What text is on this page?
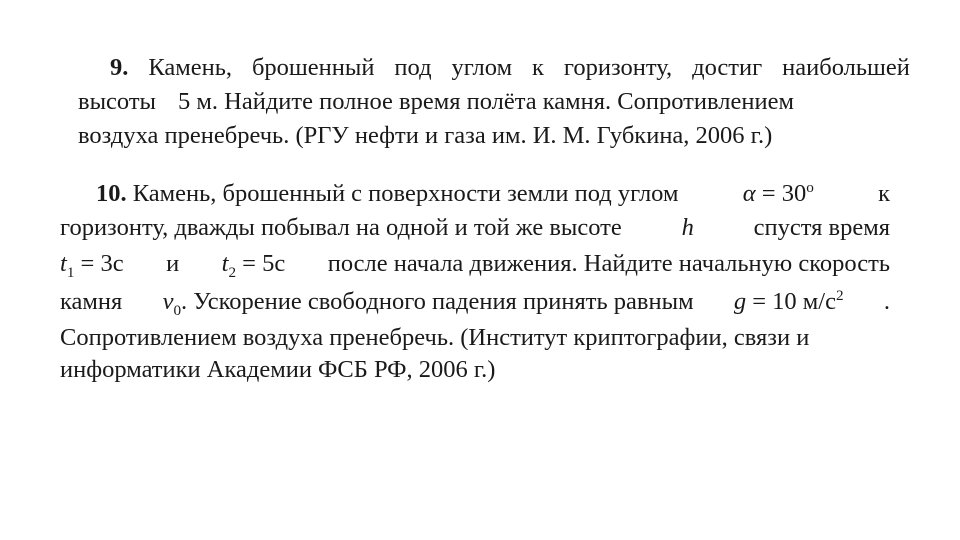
9. Камень, брошенный под углом к горизонту, достиг наибольшей
высоты 5 м. Найдите полное время полёта камня. Сопротивлением
воздуха пренебречь. (РГУ нефти и газа им. И. М. Губкина, 2006 г.)
10. Камень, брошенный с поверхности земли под углом	$\alpha = 30^o$	к
горизонту, дважды побывал на одной и той же высоте h спустя время
$t_1 = 3с$ и $t_2 = 5с$ после начала движения. Найдите начальную скорость
камня $v_0$. Ускорение свободного падения принять равным g = 10 $м/с^2$ .
Сопротивлением воздуха пренебречь. (Институт криптографии, связи и
информатики Академии ФСБ РФ, 2006 г.)
